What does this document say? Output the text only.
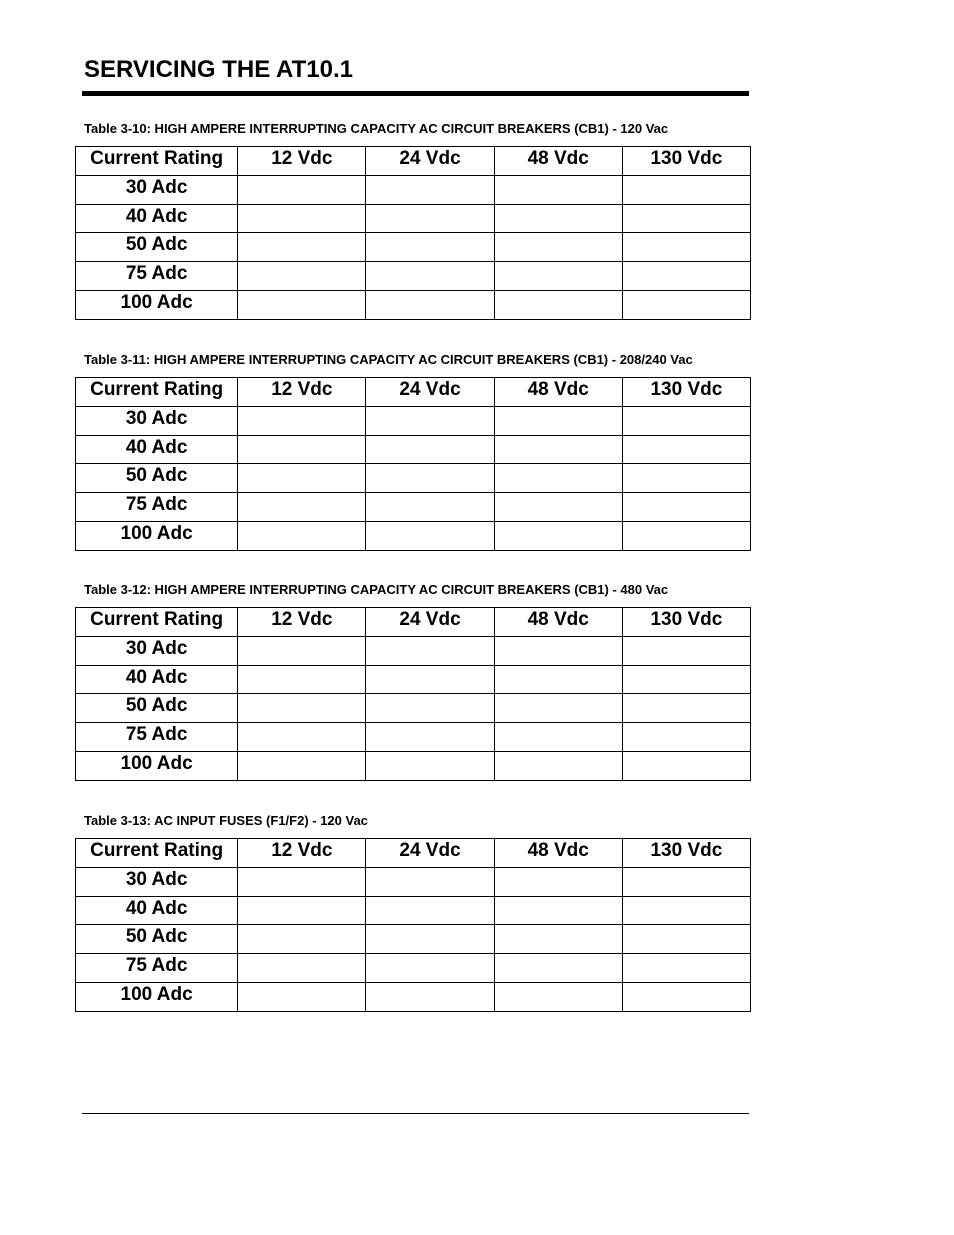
SERVICING THE AT10.1
Table 3-10: HIGH AMPERE INTERRUPTING CAPACITY AC CIRCUIT BREAKERS (CB1) - 120 Vac
Current Rating	12 Vdc	24 Vdc	48 Vdc	130 Vdc
30 Adc				
40 Adc				
50 Adc				
75 Adc				
100 Adc				
Table 3-11: HIGH AMPERE INTERRUPTING CAPACITY AC CIRCUIT BREAKERS (CB1) - 208/240 Vac
Current Rating	12 Vdc	24 Vdc	48 Vdc	130 Vdc
30 Adc				
40 Adc				
50 Adc				
75 Adc				
100 Adc				
Table 3-12: HIGH AMPERE INTERRUPTING CAPACITY AC CIRCUIT BREAKERS (CB1) - 480 Vac
Current Rating	12 Vdc	24 Vdc	48 Vdc	130 Vdc
30 Adc				
40 Adc				
50 Adc				
75 Adc				
100 Adc				
Table 3-13: AC INPUT FUSES (F1/F2) - 120 Vac
Current Rating	12 Vdc	24 Vdc	48 Vdc	130 Vdc
30 Adc				
40 Adc				
50 Adc				
75 Adc				
100 Adc				
